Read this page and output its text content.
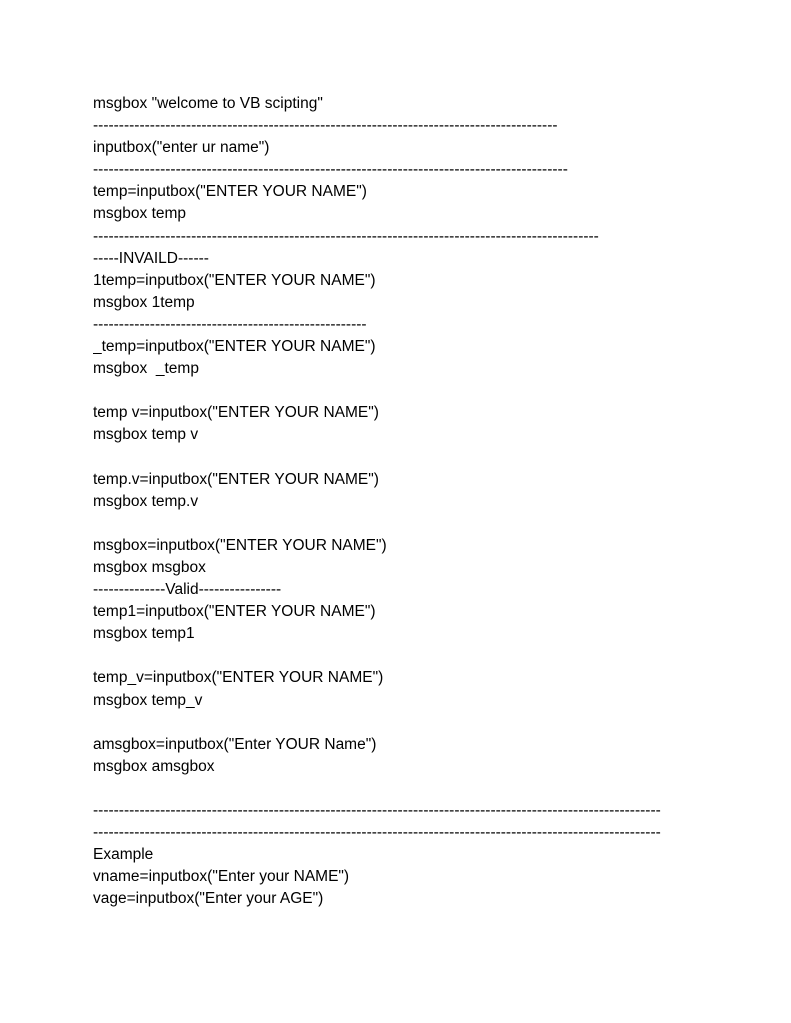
msgbox "welcome to VB scipting"
------------------------------------------------------------------------------------------
inputbox("enter ur name")
--------------------------------------------------------------------------------------------
temp=inputbox("ENTER YOUR NAME")
msgbox temp
--------------------------------------------------------------------------------------------------
-----INVAILD------
1temp=inputbox("ENTER YOUR NAME")
msgbox 1temp
-----------------------------------------------------
_temp=inputbox("ENTER YOUR NAME")
msgbox  _temp
temp v=inputbox("ENTER YOUR NAME")
msgbox temp v
temp.v=inputbox("ENTER YOUR NAME")
msgbox temp.v
msgbox=inputbox("ENTER YOUR NAME")
msgbox msgbox
--------------Valid----------------
temp1=inputbox("ENTER YOUR NAME")
msgbox temp1
temp_v=inputbox("ENTER YOUR NAME")
msgbox temp_v
amsgbox=inputbox("Enter YOUR Name")
msgbox amsgbox
--------------------------------------------------------------------------------------------------------------
--------------------------------------------------------------------------------------------------------------
Example
vname=inputbox("Enter your NAME")
vage=inputbox("Enter your AGE")
